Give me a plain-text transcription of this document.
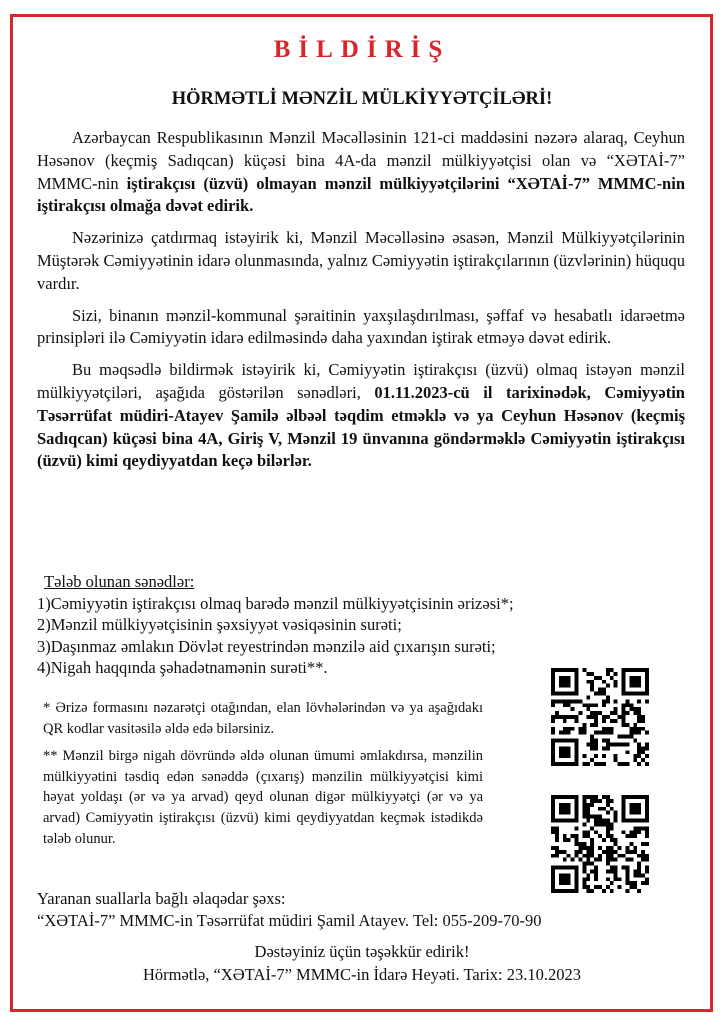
BİLDİRİŞ
HÖRMƏTLİ MƏNZİL MÜLKİYYƏTÇİLƏRİ!

Azərbaycan Respublikasının Mənzil Məcəlləsinin 121-ci maddəsini nəzərə alaraq, Ceyhun Həsənov (keçmiş Sadıqcan) küçəsi bina 4A-da mənzil mülkiyyətçisi olan və “XƏTAİ-7” MMMC-nin iştirakçısı (üzvü) olmayan mənzil mülkiyyətçilərini “XƏTAİ-7” MMMC-nin iştirakçısı olmağa dəvət edirik.

Nəzərinizə çatdırmaq istəyirik ki, Mənzil Məcəlləsinə əsasən, Mənzil Mülkiyyətçilərinin Müştərək Cəmiyyətinin idarə olunmasında, yalnız Cəmiyyətin iştirakçılarının (üzvlərinin) hüququ vardır.

Sizi, binanın mənzil-kommunal şəraitinin yaxşılaşdırılması, şəffaf və hesabatlı idarəetmə prinsipləri ilə Cəmiyyətin idarə edilməsində daha yaxından iştirak etməyə dəvət edirik.

Bu məqsədlə bildirmək istəyirik ki, Cəmiyyətin iştirakçısı (üzvü) olmaq istəyən mənzil mülkiyyətçiləri, aşağıda göstərilən sənədləri, 01.11.2023-cü il tarixinədək, Cəmiyyətin Təsərrüfat müdiri-Atayev Şamilə əlbəəl təqdim etməklə və ya Ceyhun Həsənov (keçmiş Sadıqcan) küçəsi bina 4A, Giriş V, Mənzil 19 ünvanına göndərməklə Cəmiyyətin iştirakçısı (üzvü) kimi qeydiyyatdan keçə bilərlər.

Tələb olunan sənədlər:
1)Cəmiyyətin iştirakçısı olmaq barədə mənzil mülkiyyətçisinin ərizəsi*;
2)Mənzil mülkiyyətçisinin şəxsiyyət vəsiqəsinin surəti;
3)Daşınmaz əmlakın Dövlət reyestrindən mənzilə aid çıxarışın surəti;
4)Nigah haqqında şəhadətnamənin surəti**.

* Ərizə formasını nəzarətçi otağından, elan lövhələrindən və ya aşağıdakı QR kodlar vasitəsilə əldə edə bilərsiniz.

** Mənzil birgə nigah dövründə əldə olunan ümumi əmlakdırsa, mənzilin mülkiyyətini təsdiq edən sənəddə (çıxarış) mənzilin mülkiyyətçisi kimi həyat yoldaşı (ər və ya arvad) qeyd olunan digər mülkiyyətçi (ər və ya arvad) Cəmiyyətin iştirakçısı (üzvü) kimi qeydiyyatdan keçmək istədikdə tələb olunur.

Yaranan suallarla bağlı əlaqədar şəxs:
“XƏTAİ-7” MMMC-in Təsərrüfat müdiri Şamil Atayev. Tel: 055-209-70-90
Dəstəyiniz üçün təşəkkür edirik!
Hörmətlə, “XƏTAİ-7” MMMC-in İdarə Heyəti. Tarix: 23.10.2023
